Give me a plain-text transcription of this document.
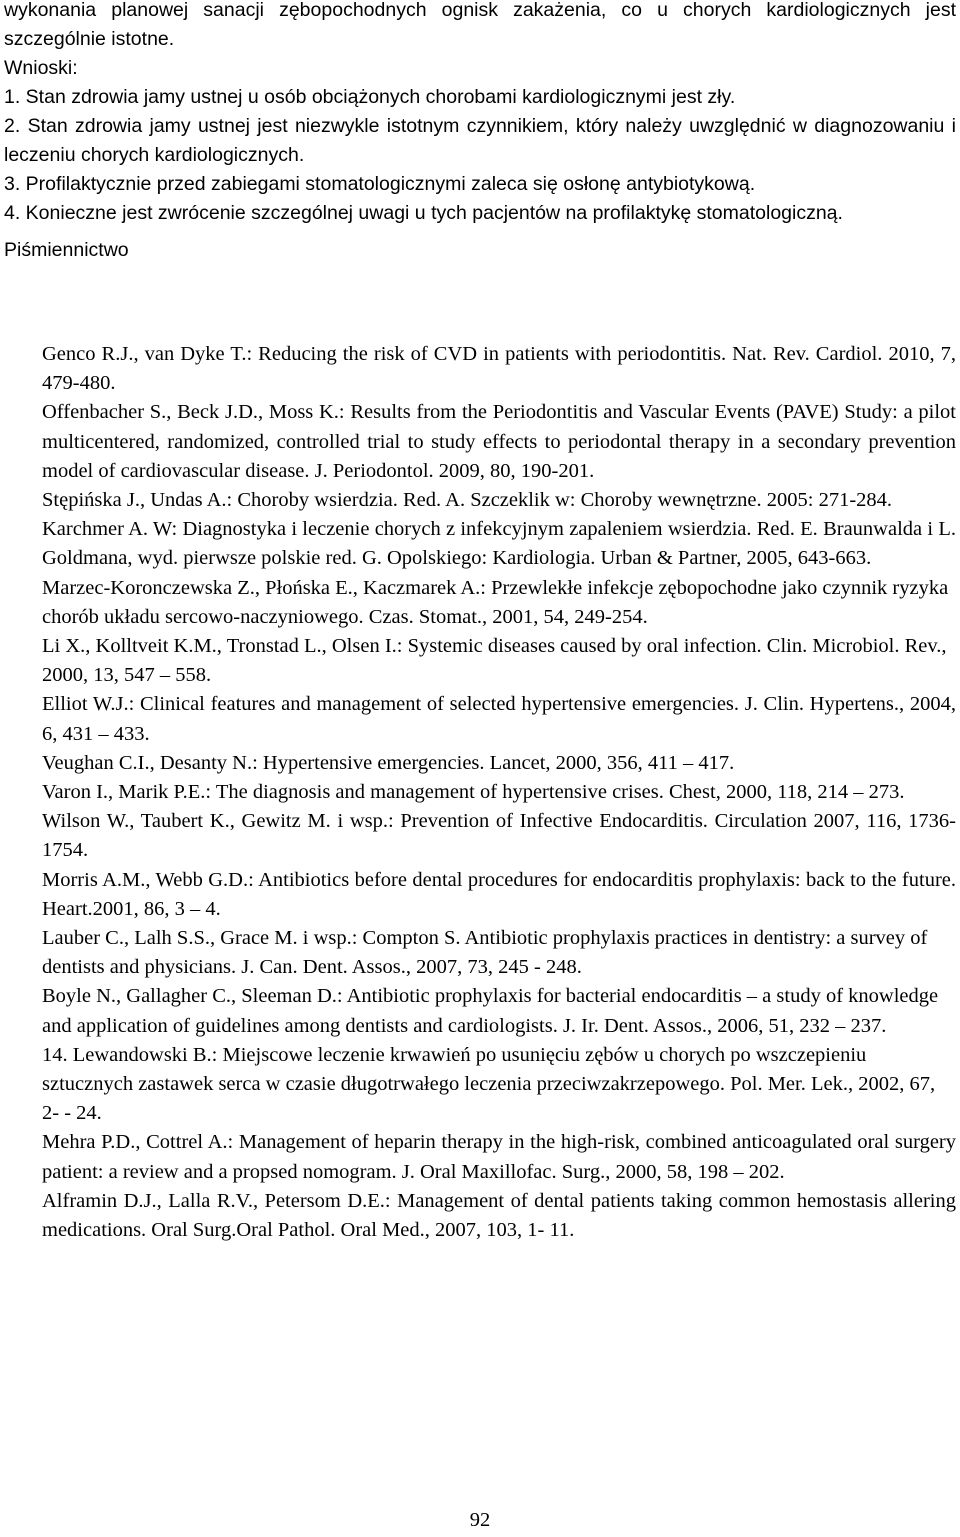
wykonania planowej sanacji zębopochodnych ognisk zakażenia, co u chorych kardiologicznych jest szczególnie istotne.
Wnioski:
1. Stan zdrowia jamy ustnej u osób obciążonych chorobami kardiologicznymi jest zły.
2. Stan zdrowia jamy ustnej jest niezwykle istotnym czynnikiem, który należy uwzględnić w diagnozowaniu i leczeniu chorych kardiologicznych.
3. Profilaktycznie przed zabiegami stomatologicznymi zaleca się osłonę antybiotykową.
4. Konieczne jest zwrócenie szczególnej uwagi u tych pacjentów na profilaktykę stomatologiczną.
Piśmiennictwo
Genco R.J., van Dyke T.: Reducing the risk of CVD in patients with periodontitis. Nat. Rev. Cardiol. 2010, 7, 479-480.
Offenbacher S., Beck J.D., Moss K.: Results from the Periodontitis and Vascular Events (PAVE) Study: a pilot multicentered, randomized, controlled trial to study effects to periodontal therapy in a secondary prevention model of cardiovascular disease. J. Periodontol. 2009, 80, 190-201.
Stępińska J., Undas A.: Choroby wsierdzia. Red. A. Szczeklik w: Choroby wewnętrzne. 2005: 271-284.
Karchmer A. W: Diagnostyka i leczenie chorych z infekcyjnym zapaleniem wsierdzia. Red. E. Braunwalda i L. Goldmana, wyd. pierwsze polskie red. G. Opolskiego: Kardiologia. Urban & Partner, 2005, 643-663.
Marzec-Koronczewska Z., Płońska E., Kaczmarek A.: Przewlekłe infekcje zębopochodne jako czynnik ryzyka chorób układu sercowo-naczyniowego. Czas. Stomat., 2001, 54, 249-254.
Li X., Kolltveit K.M., Tronstad L., Olsen I.: Systemic diseases caused by oral infection. Clin. Microbiol. Rev., 2000, 13, 547 – 558.
Elliot W.J.: Clinical features and management of selected hypertensive emergencies. J. Clin. Hypertens., 2004, 6, 431 – 433.
Veughan C.I., Desanty N.: Hypertensive emergencies. Lancet, 2000, 356, 411 – 417.
Varon I., Marik P.E.: The diagnosis and management of hypertensive crises. Chest, 2000, 118, 214 – 273.
Wilson W., Taubert K., Gewitz M. i wsp.: Prevention of Infective Endocarditis. Circulation 2007, 116, 1736-1754.
Morris A.M., Webb G.D.: Antibiotics before dental procedures for endocarditis prophylaxis: back to the future. Heart.2001, 86, 3 – 4.
Lauber C., Lalh S.S., Grace M. i wsp.: Compton S. Antibiotic prophylaxis practices in dentistry: a survey of dentists and physicians. J. Can. Dent. Assos., 2007, 73, 245 - 248.
Boyle N., Gallagher C., Sleeman D.: Antibiotic prophylaxis for bacterial endocarditis – a study of knowledge and application of guidelines among dentists and cardiologists. J. Ir. Dent. Assos., 2006, 51, 232 – 237.
14. Lewandowski B.: Miejscowe leczenie krwawień po usunięciu zębów u chorych po wszczepieniu sztucznych zastawek serca w czasie długotrwałego leczenia przeciwzakrzepowego. Pol. Mer. Lek., 2002, 67, 2- - 24.
Mehra P.D., Cottrel A.: Management of heparin therapy in the high-risk, combined anticoagulated oral surgery patient: a review and a propsed nomogram. J. Oral Maxillofac. Surg., 2000, 58, 198 – 202.
Alframin D.J., Lalla R.V., Petersom D.E.: Management of dental patients taking common hemostasis allering medications. Oral Surg.Oral Pathol. Oral Med., 2007, 103, 1- 11.
92
